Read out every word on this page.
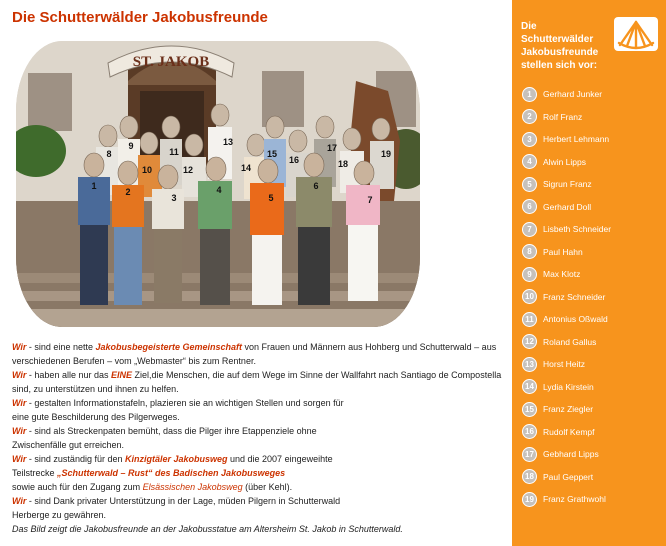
Die Schutterwälder Jakobusfreunde
ST. JAKOB
1
2
3
4
5
6
7
8
9
10
11
12
13
14
15
16
17
18
19

Wir - sind eine nette Jakobusbegeisterte Gemeinschaft von Frauen und Männern aus Hohberg und Schutterwald – aus verschiedenen Berufen – vom „Webmaster“ bis zum Rentner.

Wir - haben alle nur das EINE Ziel,die Menschen, die auf dem Wege im Sinne der Wallfahrt nach Santiago de Compostella sind, zu unterstützen und ihnen zu helfen.

Wir - gestalten Informationstafeln, plazieren sie an wichtigen Stellen und sorgen für
eine gute Beschilderung des Pilgerweges.

Wir - sind als Streckenpaten bemüht, dass die Pilger ihre Etappenziele ohne
Zwischenfälle gut erreichen.

Wir - sind zuständig für den Kinzigtäler Jakobusweg und die 2007 eingeweihte
Teilstrecke „Schutterwald – Rust“ des Badischen Jakobusweges
sowie auch für den Zugang zum Elsässischen Jakobsweg (über Kehl).

Wir - sind Dank privater Unterstützung in der Lage, müden Pilgern in Schutterwald
Herberge zu gewähren.

Das Bild zeigt die Jakobusfreunde an der Jakobusstatue am Altersheim St. Jakob in Schutterwald.

Die
Schutterwälder
Jakobusfreunde
stellen sich vor:
1	Gerhard Junker
2	Rolf Franz
3	Herbert Lehmann
4	Alwin Lipps
5	Sigrun Franz
6	Gerhard Doll
7	Lisbeth Schneider
8	Paul Hahn
9	Max Klotz
10	Franz Schneider
11	Antonius Oßwald
12	Roland Gallus
13	Horst Heitz
14	Lydia Kirstein
15	Franz Ziegler
16	Rudolf Kempf
17	Gebhard Lipps
18	Paul Geppert
19	Franz Grathwohl
